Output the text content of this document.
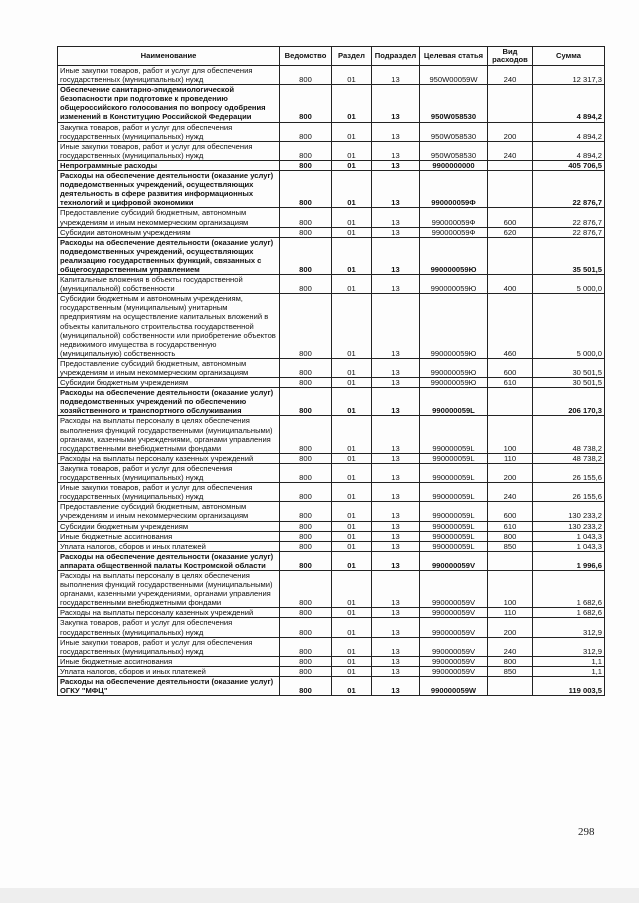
Наименование	Ведомство	Раздел	Подраздел	Целевая статья	Вид расходов	Сумма
Иные закупки товаров, работ и услуг для обеспечения государственных (муниципальных) нужд	800	01	13	950W00059W	240	12 317,3
Обеспечение санитарно-эпидемиологической безопасности при подготовке к проведению общероссийского голосования по вопросу одобрения изменений в Конституцию Российской Федерации	800	01	13	950W058530		4 894,2
Закупка товаров, работ и услуг для обеспечения государственных (муниципальных) нужд	800	01	13	950W058530	200	4 894,2
Иные закупки товаров, работ и услуг для обеспечения государственных (муниципальных) нужд	800	01	13	950W058530	240	4 894,2
Непрограммные расходы	800	01	13	9900000000		405 706,5
Расходы на обеспечение деятельности (оказание услуг) подведомственных учреждений, осуществляющих деятельность в сфере развития информационных технологий и цифровой экономики	800	01	13	990000059Ф		22 876,7
Предоставление субсидий бюджетным, автономным учреждениям и иным некоммерческим организациям	800	01	13	990000059Ф	600	22 876,7
Субсидии автономным учреждениям	800	01	13	990000059Ф	620	22 876,7
Расходы на обеспечение деятельности (оказание услуг) подведомственных учреждений, осуществляющих реализацию государственных функций, связанных с общегосударственным управлением	800	01	13	990000059Ю		35 501,5
Капитальные вложения в объекты государственной (муниципальной) собственности	800	01	13	990000059Ю	400	5 000,0
Субсидии бюджетным и автономным учреждениям, государственным (муниципальным) унитарным предприятиям на осуществление капитальных вложений в объекты капитального строительства государственной (муниципальной) собственности или приобретение объектов недвижимого имущества в государственную (муниципальную) собственность	800	01	13	990000059Ю	460	5 000,0
Предоставление субсидий бюджетным, автономным учреждениям и иным некоммерческим организациям	800	01	13	990000059Ю	600	30 501,5
Субсидии бюджетным учреждениям	800	01	13	990000059Ю	610	30 501,5
Расходы на обеспечение деятельности (оказание услуг) подведомственных учреждений по обеспечению хозяйственного и транспортного обслуживания	800	01	13	990000059L		206 170,3
Расходы на выплаты персоналу в целях обеспечения выполнения функций государственными (муниципальными) органами, казенными учреждениями, органами управления государственными внебюджетными фондами	800	01	13	990000059L	100	48 738,2
Расходы на выплаты персоналу казенных учреждений	800	01	13	990000059L	110	48 738,2
Закупка товаров, работ и услуг для обеспечения государственных (муниципальных) нужд	800	01	13	990000059L	200	26 155,6
Иные закупки товаров, работ и услуг для обеспечения государственных (муниципальных) нужд	800	01	13	990000059L	240	26 155,6
Предоставление субсидий бюджетным, автономным учреждениям и иным некоммерческим организациям	800	01	13	990000059L	600	130 233,2
Субсидии бюджетным учреждениям	800	01	13	990000059L	610	130 233,2
Иные бюджетные ассигнования	800	01	13	990000059L	800	1 043,3
Уплата налогов, сборов и иных платежей	800	01	13	990000059L	850	1 043,3
Расходы на обеспечение деятельности (оказание услуг) аппарата общественной палаты Костромской области	800	01	13	990000059V		1 996,6
Расходы на выплаты персоналу в целях обеспечения выполнения функций государственными (муниципальными) органами, казенными учреждениями, органами управления государственными внебюджетными фондами	800	01	13	990000059V	100	1 682,6
Расходы на выплаты персоналу казенных учреждений	800	01	13	990000059V	110	1 682,6
Закупка товаров, работ и услуг для обеспечения государственных (муниципальных) нужд	800	01	13	990000059V	200	312,9
Иные закупки товаров, работ и услуг для обеспечения государственных (муниципальных) нужд	800	01	13	990000059V	240	312,9
Иные бюджетные ассигнования	800	01	13	990000059V	800	1,1
Уплата налогов, сборов и иных платежей	800	01	13	990000059V	850	1,1
Расходы на обеспечение деятельности (оказание услуг) ОГКУ "МФЦ"	800	01	13	990000059W		119 003,5
298
